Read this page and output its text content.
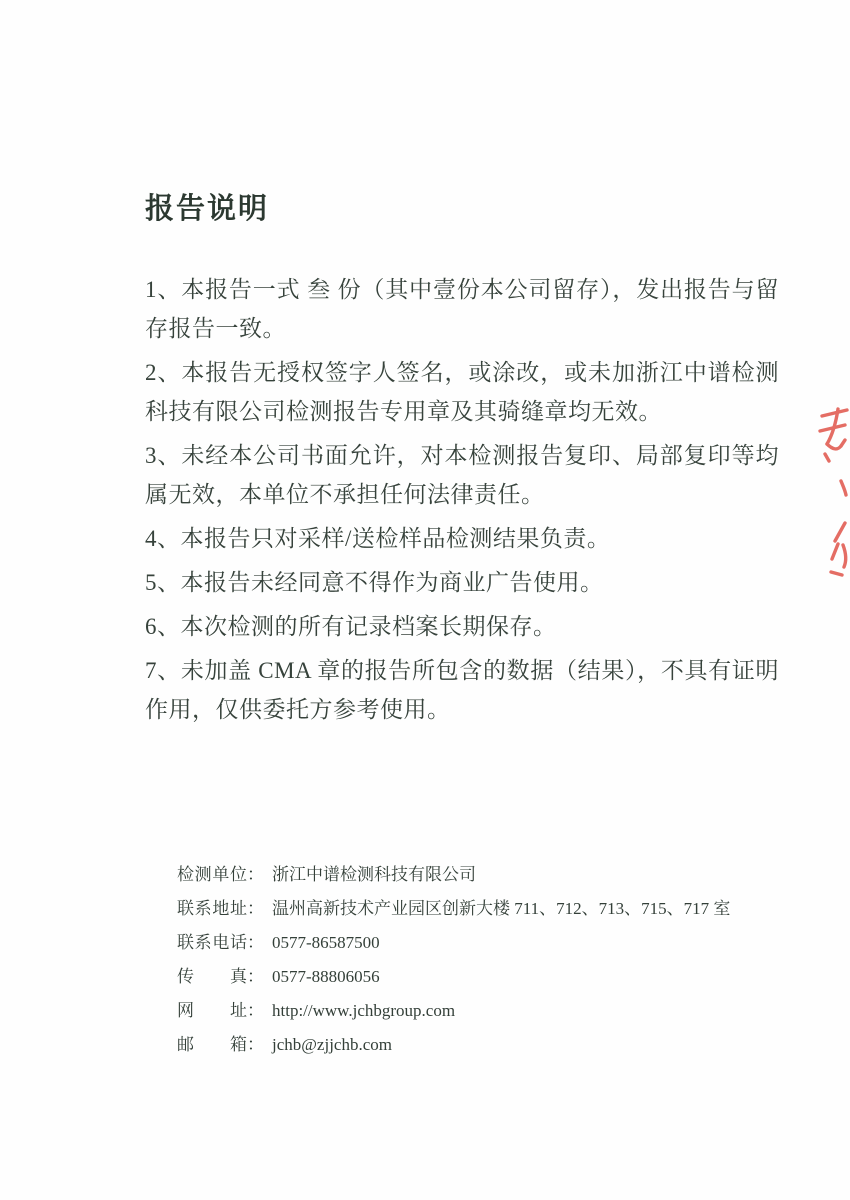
报告说明

1、本报告一式 叁 份（其中壹份本公司留存），发出报告与留存报告一致。

2、本报告无授权签字人签名，或涂改，或未加浙江中谱检测科技有限公司检测报告专用章及其骑缝章均无效。

3、未经本公司书面允许，对本检测报告复印、局部复印等均属无效，本单位不承担任何法律责任。

4、本报告只对采样/送检样品检测结果负责。

5、本报告未经同意不得作为商业广告使用。

6、本次检测的所有记录档案长期保存。

7、未加盖 CMA 章的报告所包含的数据（结果），不具有证明作用，仅供委托方参考使用。

检测单位 ： 浙江中谱检测科技有限公司
联系地址 ： 温州高新技术产业园区创新大楼 711、712、713、715、717 室
联系电话 ： 0577-86587500
传真 ： 0577-88806056
网址 ： http://www.jchbgroup.com
邮箱 ： jchb@zjjchb.com
